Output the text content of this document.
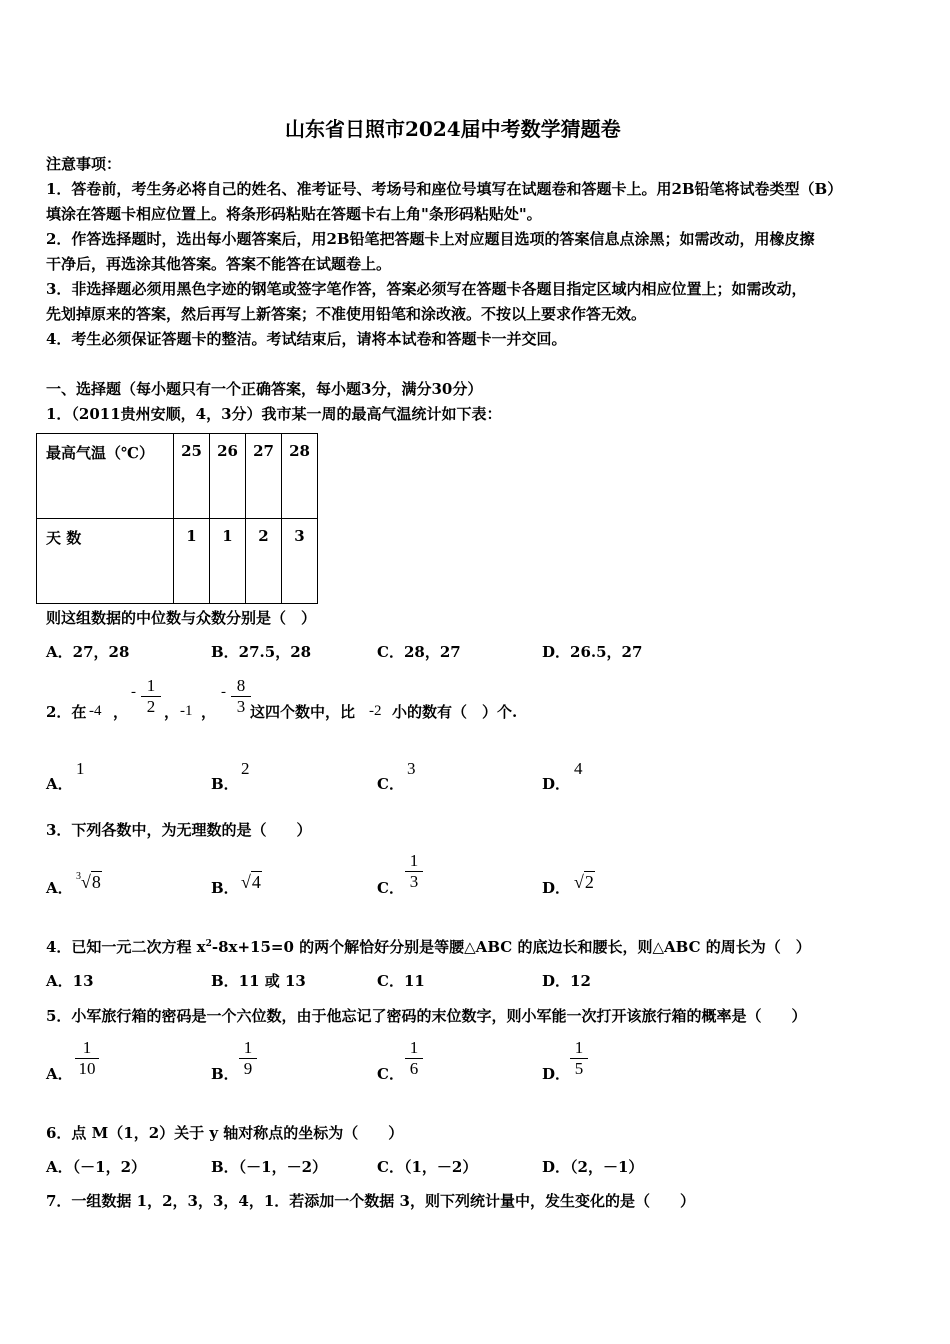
山东省日照市2024届中考数学猜题卷
注意事项：
1．答卷前，考生务必将自己的姓名、准考证号、考场号和座位号填写在试题卷和答题卡上。用2B铅笔将试卷类型（B）
填涂在答题卡相应位置上。将条形码粘贴在答题卡右上角"条形码粘贴处"。
2．作答选择题时，选出每小题答案后，用2B铅笔把答题卡上对应题目选项的答案信息点涂黑；如需改动，用橡皮擦
干净后，再选涂其他答案。答案不能答在试题卷上。
3．非选择题必须用黑色字迹的钢笔或签字笔作答，答案必须写在答题卡各题目指定区域内相应位置上；如需改动，
先划掉原来的答案，然后再写上新答案；不准使用铅笔和涂改液。不按以上要求作答无效。
4．考生必须保证答题卡的整洁。考试结束后，请将本试卷和答题卡一并交回。
一、选择题（每小题只有一个正确答案，每小题3分，满分30分）
1．（2011贵州安顺，4，3分）我市某一周的最高气温统计如下表：
最高气温（℃）	25	26	27	28
天 数	1	1	2	3
则这组数据的中位数与众数分别是（　）
A．27，28	B．27.5，28	C．28，27	D．26.5，27
2．在 -4 ，
- 1
2 ， -1 ，
- 8
3 这四个数中，比 -2 小的数有（　）个.
A．
1
B．
2
C．
3
D．
4
3．下列各数中，为无理数的是（　　）
A．
$^3$√8	B． √4	C．
1
3	D． √2
4．已知一元二次方程 $x^2-8x+15=0$ 的两个解恰好分别是等腰△ABC 的底边长和腰长，则△ABC 的周长为（　）
A．13	B．11 或 13	C．11	D．12
5．小军旅行箱的密码是一个六位数，由于他忘记了密码的末位数字，则小军能一次打开该旅行箱的概率是（　　）
A．
1
10	B．
1
9	C．
1
6	D．
1
5
6．点 M（1，2）关于 y 轴对称点的坐标为（　　）
A．（－1，2）	B．（－1，－2）	C．（1，－2）	D．（2，－1）
7．一组数据 1，2，3，3，4，1．若添加一个数据 3，则下列统计量中，发生变化的是（　　）
